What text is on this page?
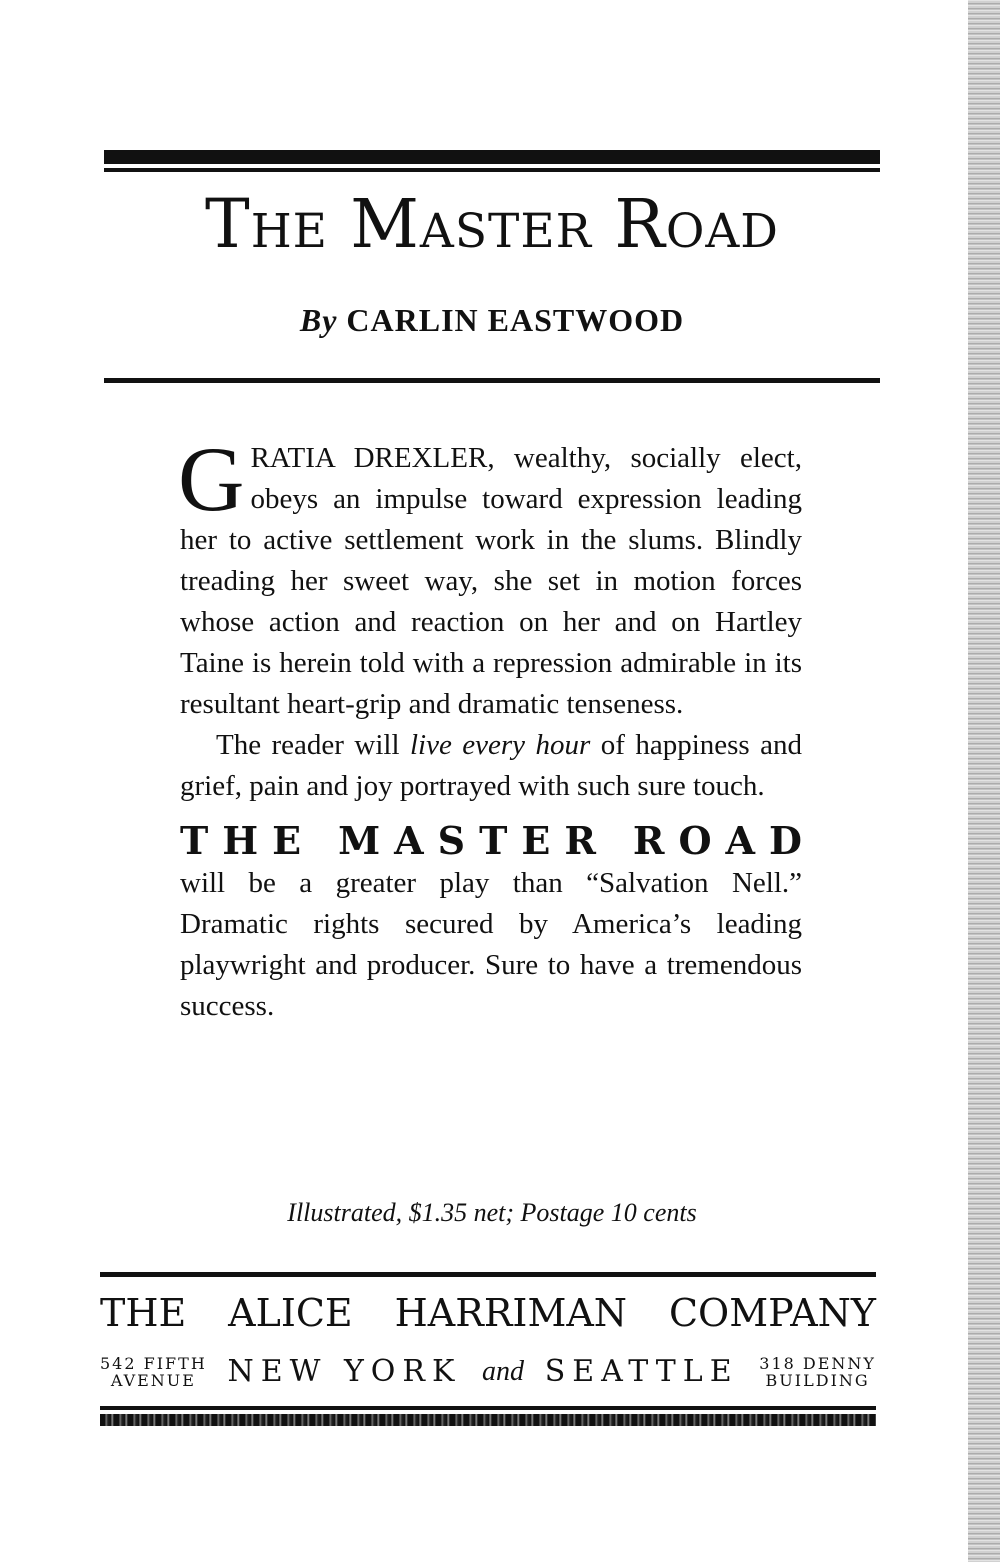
The Master Road

By CARLIN EASTWOOD

GRATIA DREXLER, wealthy, socially elect, obeys an impulse toward expression leading her to active settlement work in the slums. Blindly treading her sweet way, she set in motion forces whose action and reaction on her and on Hartley Taine is herein told with a repression admirable in its resultant heart-grip and dramatic tenseness.

The reader will live every hour of happiness and grief, pain and joy portrayed with such sure touch.

THE MASTER ROAD

will be a greater play than “Salvation Nell.” Dramatic rights secured by America’s leading playwright and producer. Sure to have a tremendous success.

Illustrated, $1.35 net; Postage 10 cents

THE ALICE HARRIMAN COMPANY
542 FIFTH
AVENUE	NEW YORK and SEATTLE 318 DENNY
BUILDING
